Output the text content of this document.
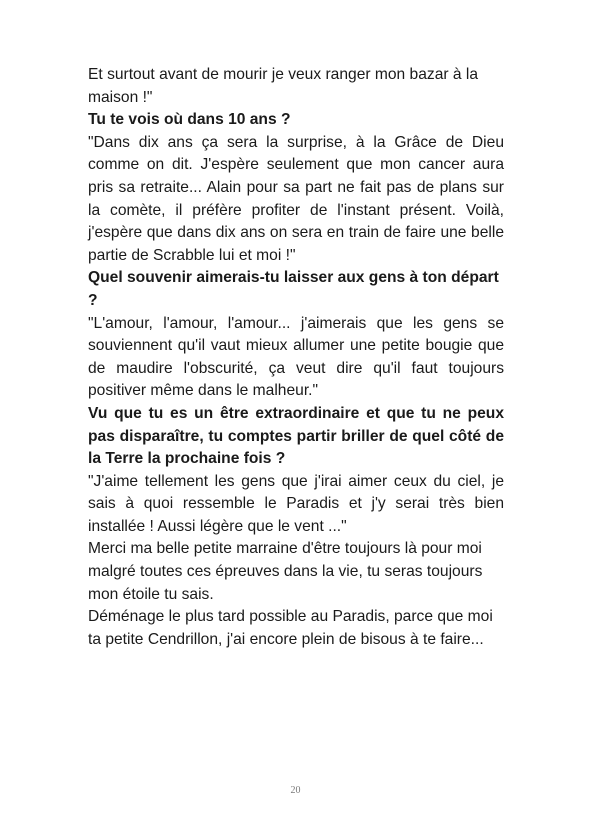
Et surtout avant de mourir je veux ranger mon bazar à la maison !"

Tu te vois où dans 10 ans ?

"Dans dix ans ça sera la surprise, à la Grâce de Dieu comme on dit. J'espère seulement que mon cancer aura pris sa retraite... Alain pour sa part ne fait pas de plans sur la comète, il préfère profiter de l'instant présent. Voilà, j'espère que dans dix ans on sera en train de faire une belle partie de Scrabble lui et moi !"

Quel souvenir aimerais-tu laisser aux gens à ton départ ?

"L'amour, l'amour, l'amour... j'aimerais que les gens se souviennent qu'il vaut mieux allumer une petite bougie que de maudire l'obscurité, ça veut dire qu'il faut toujours positiver même dans le malheur."

Vu que tu es un être extraordinaire et que tu ne peux pas disparaître, tu comptes partir briller de quel côté de la Terre la prochaine fois ?

"J'aime tellement les gens que j'irai aimer ceux du ciel, je sais à quoi ressemble le Paradis et j'y serai très bien installée ! Aussi légère que le vent ..."

Merci ma belle petite marraine d'être toujours là pour moi malgré toutes ces épreuves dans la vie, tu seras toujours mon étoile tu sais.

Déménage le plus tard possible au Paradis, parce que moi ta petite Cendrillon, j'ai encore plein de bisous à te faire...

20
